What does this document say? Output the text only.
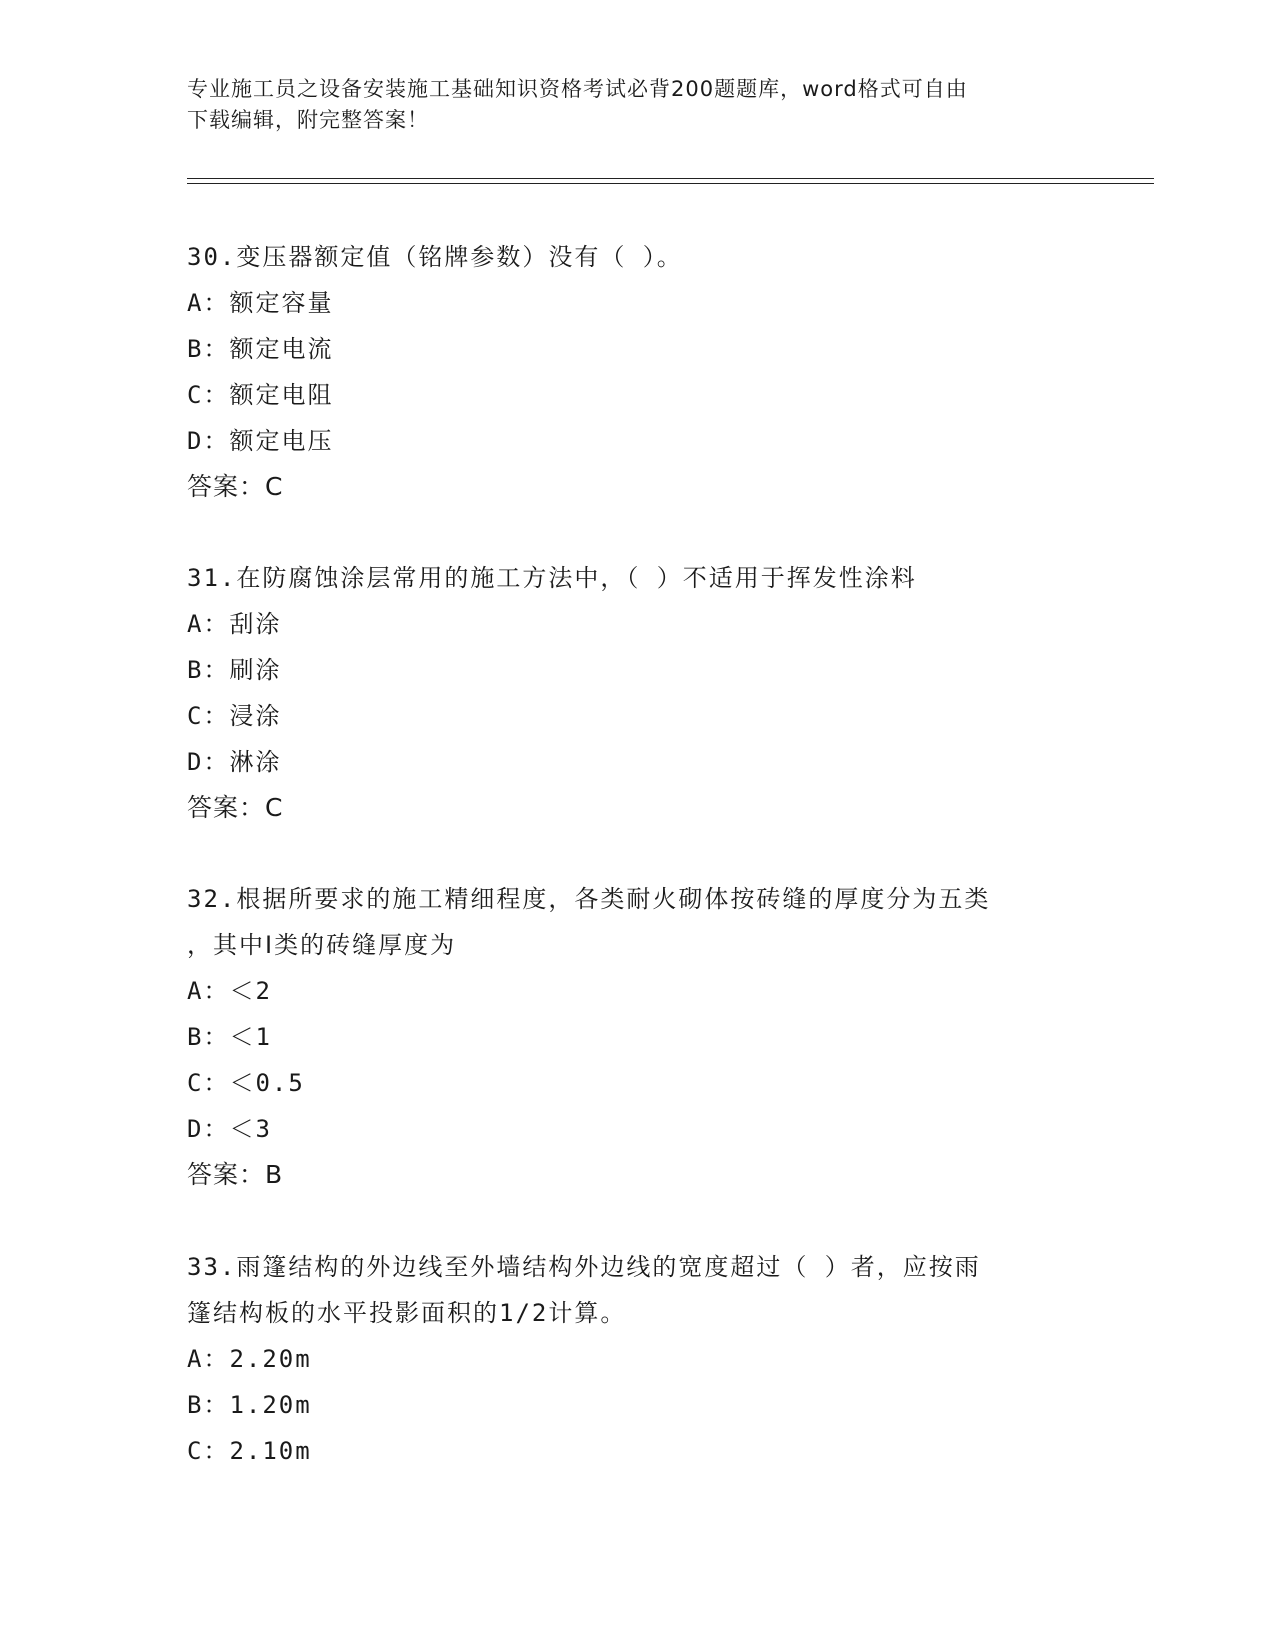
专业施工员之设备安装施工基础知识资格考试必背200题题库，word格式可自由
下载编辑，附完整答案！

30.变压器额定值（铭牌参数）没有（ ）。

A：额定容量

B：额定电流

C：额定电阻

D：额定电压

答案：C

31.在防腐蚀涂层常用的施工方法中，（ ）不适用于挥发性涂料

A：刮涂

B：刷涂

C：浸涂

D：淋涂

答案：C

32.根据所要求的施工精细程度，各类耐火砌体按砖缝的厚度分为五类

，其中Ⅰ类的砖缝厚度为

A：＜2

B：＜1

C：＜0.5

D：＜3

答案：B

33.雨篷结构的外边线至外墙结构外边线的宽度超过（ ）者，应按雨

篷结构板的水平投影面积的1/2计算。

A：2.20m

B：1.20m

C：2.10m
